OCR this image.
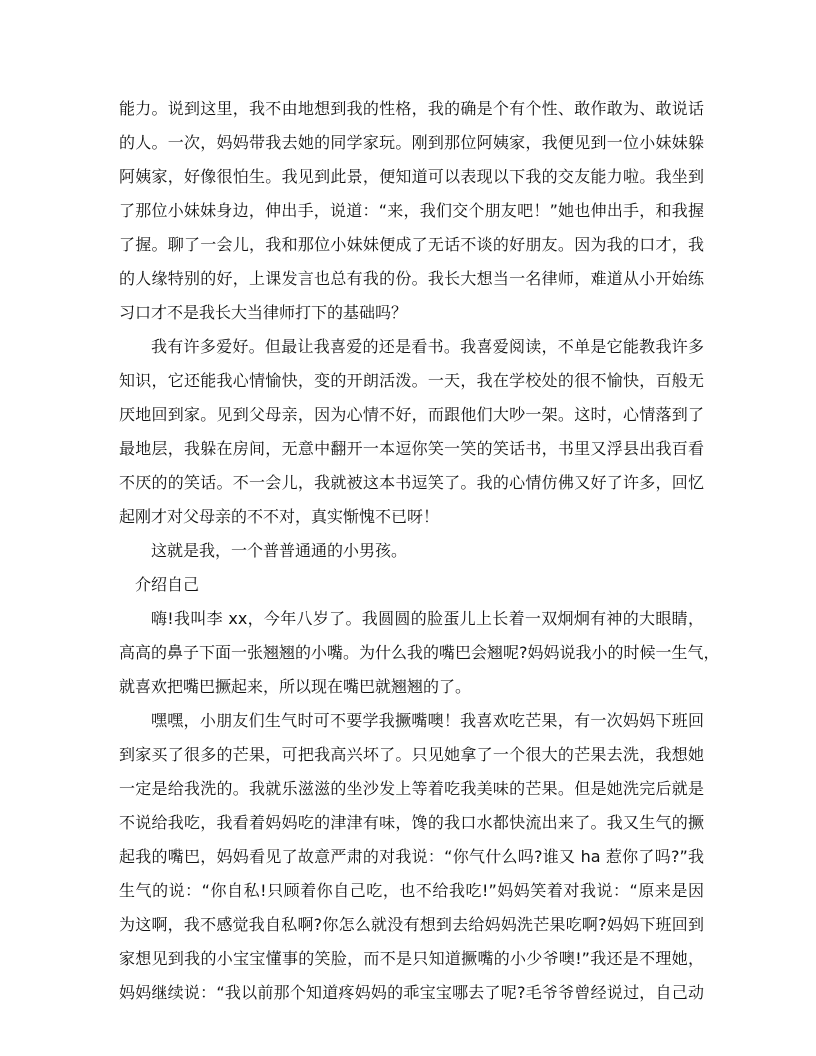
能力。说到这里，我不由地想到我的性格，我的确是个有个性、敢作敢为、敢说话
的人。一次，妈妈带我去她的同学家玩。刚到那位阿姨家，我便见到一位小妹妹躲
阿姨家，好像很怕生。我见到此景，便知道可以表现以下我的交友能力啦。我坐到
了那位小妹妹身边，伸出手，说道：“来，我们交个朋友吧！”她也伸出手，和我握
了握。聊了一会儿，我和那位小妹妹便成了无话不谈的好朋友。因为我的口才，我
的人缘特别的好，上课发言也总有我的份。我长大想当一名律师，难道从小开始练
习口才不是我长大当律师打下的基础吗？
我有许多爱好。但最让我喜爱的还是看书。我喜爱阅读，不单是它能教我许多
知识，它还能我心情愉快，变的开朗活泼。一天，我在学校处的很不愉快，百般无
厌地回到家。见到父母亲，因为心情不好，而跟他们大吵一架。这时，心情落到了
最地层，我躲在房间，无意中翻开一本逗你笑一笑的笑话书，书里又浮县出我百看
不厌的的笑话。不一会儿，我就被这本书逗笑了。我的心情仿佛又好了许多，回忆
起刚才对父母亲的不不对，真实惭愧不已呀！
这就是我，一个普普通通的小男孩。
介绍自己
嗨!我叫李 xx，今年八岁了。我圆圆的脸蛋儿上长着一双炯炯有神的大眼睛，
高高的鼻子下面一张翘翘的小嘴。为什么我的嘴巴会翘呢?妈妈说我小的时候一生气，
就喜欢把嘴巴撅起来，所以现在嘴巴就翘翘的了。
嘿嘿，小朋友们生气时可不要学我撅嘴噢！我喜欢吃芒果，有一次妈妈下班回
到家买了很多的芒果，可把我高兴坏了。只见她拿了一个很大的芒果去洗，我想她
一定是给我洗的。我就乐滋滋的坐沙发上等着吃我美味的芒果。但是她洗完后就是
不说给我吃，我看着妈妈吃的津津有味，馋的我口水都快流出来了。我又生气的撅
起我的嘴巴，妈妈看见了故意严肃的对我说：“你气什么吗?谁又 ha 惹你了吗?”我
生气的说：“你自私!只顾着你自己吃，也不给我吃!”妈妈笑着对我说：“原来是因
为这啊，我不感觉我自私啊?你怎么就没有想到去给妈妈洗芒果吃啊?妈妈下班回到
家想见到我的小宝宝懂事的笑脸，而不是只知道撅嘴的小少爷噢!”我还是不理她，
妈妈继续说：“我以前那个知道疼妈妈的乖宝宝哪去了呢?毛爷爷曾经说过，自己动
